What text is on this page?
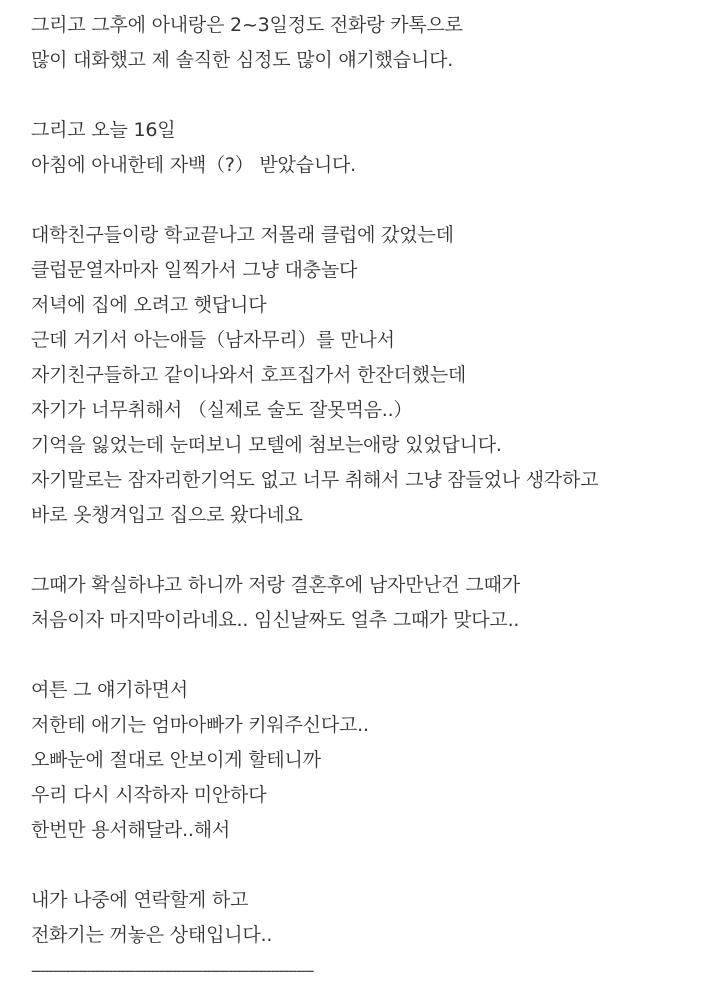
그리고 그후에 아내랑은 2~3일정도 전화랑 카톡으로
많이 대화했고 제 솔직한 심정도 많이 얘기했습니다.
그리고 오늘 16일
아침에 아내한테 자백（?） 받았습니다.
대학친구들이랑 학교끝나고 저몰래 클럽에 갔었는데
클럽문열자마자 일찍가서 그냥 대충놀다
저녁에 집에 오려고 햇답니다
근데 거기서 아는애들（남자무리）를 만나서
자기친구들하고 같이나와서 호프집가서 한잔더했는데
자기가 너무취해서 （실제로 술도 잘못먹음..）
기억을 잃었는데 눈떠보니 모텔에 첨보는애랑 있었답니다.
자기말로는 잠자리한기억도 없고 너무 취해서 그냥 잠들었나 생각하고
바로 옷챙겨입고 집으로 왔다네요
그때가 확실하냐고 하니까 저랑 결혼후에 남자만난건 그때가
처음이자 마지막이라네요.. 임신날짜도 얼추 그때가 맞다고..
여튼 그 얘기하면서
저한테 애기는 엄마아빠가 키워주신다고..
오빠눈에 절대로 안보이게 할테니까
우리 다시 시작하자 미안하다
한번만 용서해달라..해서
내가 나중에 연락할게 하고
전화기는 꺼놓은 상태입니다..
------------------------------------------------------------------
